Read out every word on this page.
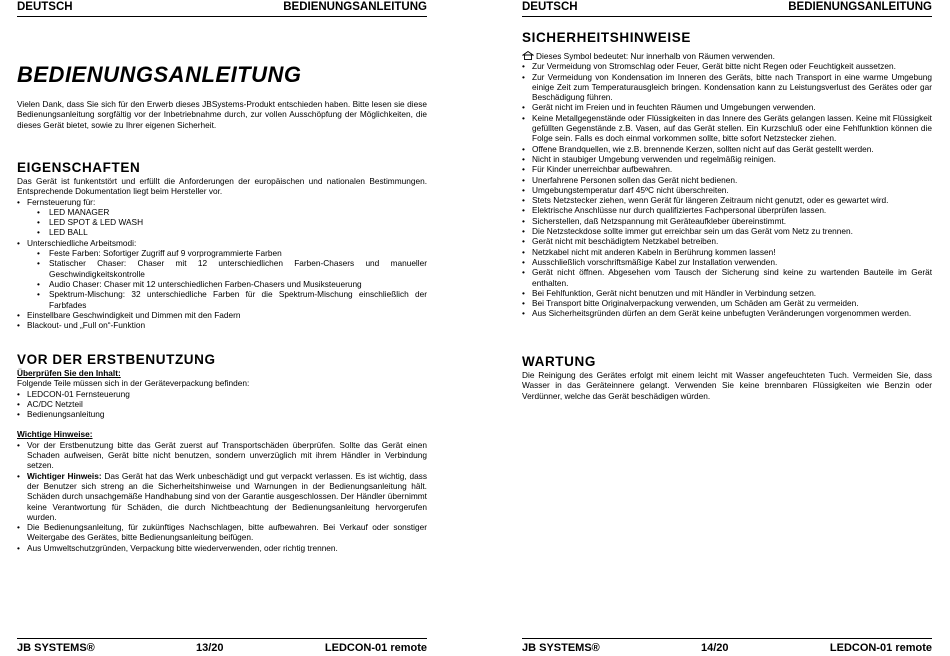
DEUTSCH	BEDIENUNGSANLEITUNG
BEDIENUNGSANLEITUNG

Vielen Dank, dass Sie sich für den Erwerb dieses JBSystems-Produkt entschieden haben. Bitte lesen sie diese Bedienungsanleitung sorgfältig vor der Inbetriebnahme durch, zur vollen Ausschöpfung der Möglichkeiten, die dieses Gerät bietet, sowie zu Ihrer eigenen Sicherheit.

EIGENSCHAFTEN

Das Gerät ist funkentstört und erfüllt die Anforderungen der europäischen und nationalen Bestimmungen. Entsprechende Dokumentation liegt beim Hersteller vor.

• Fernsteuerung für:
• LED MANAGER
• LED SPOT & LED WASH
• LED BALL
• Unterschiedliche Arbeitsmodi:
• Feste Farben: Sofortiger Zugriff auf 9 vorprogrammierte Farben
• Statischer Chaser: Chaser mit 12 unterschiedlichen Farben-Chasers und manueller Geschwindigkeitskontrolle
• Audio Chaser: Chaser mit 12 unterschiedlichen Farben-Chasers und Musiksteuerung
• Spektrum-Mischung: 32 unterschiedliche Farben für die Spektrum-Mischung einschließlich der Farbfades
• Einstellbare Geschwindigkeit und Dimmen mit den Fadern
• Blackout- und „Full on“-Funktion
VOR DER ERSTBENUTZUNG

Überprüfen Sie den Inhalt:

Folgende Teile müssen sich in der Geräteverpackung befinden:

• LEDCON-01 Fernsteuerung
• AC/DC Netzteil
• Bedienungsanleitung

Wichtige Hinweise:

• Vor der Erstbenutzung bitte das Gerät zuerst auf Transportschäden überprüfen. Sollte das Gerät einen Schaden aufweisen, Gerät bitte nicht benutzen, sondern unverzüglich mit ihrem Händler in Verbindung setzen.
• Wichtiger Hinweis: Das Gerät hat das Werk unbeschädigt und gut verpackt verlassen. Es ist wichtig, dass der Benutzer sich streng an die Sicherheitshinweise und Warnungen in der Bedienungsanleitung hält. Schäden durch unsachgemäße Handhabung sind von der Garantie ausgeschlossen. Der Händler übernimmt keine Verantwortung für Schäden, die durch Nichtbeachtung der Bedienungsanleitung hervorgerufen wurden.
• Die Bedienungsanleitung, für zukünftiges Nachschlagen, bitte aufbewahren. Bei Verkauf oder sonstiger Weitergabe des Gerätes, bitte Bedienungsanleitung beifügen.
• Aus Umweltschutzgründen, Verpackung bitte wiederverwenden, oder richtig trennen.
JB SYSTEMS®	13/20	LEDCON-01 remote
DEUTSCH	BEDIENUNGSANLEITUNG
SICHERHEITSHINWEISE

Dieses Symbol bedeutet: Nur innerhalb von Räumen verwenden.

• Zur Vermeidung von Stromschlag oder Feuer, Gerät bitte nicht Regen oder Feuchtigkeit aussetzen.
• Zur Vermeidung von Kondensation im Inneren des Geräts, bitte nach Transport in eine warme Umgebung einige Zeit zum Temperaturausgleich bringen. Kondensation kann zu Leistungsverlust des Gerätes oder gar Beschädigung führen.
• Gerät nicht im Freien und in feuchten Räumen und Umgebungen verwenden.
• Keine Metallgegenstände oder Flüssigkeiten in das Innere des Geräts gelangen lassen. Keine mit Flüssigkeit gefüllten Gegenstände z.B. Vasen, auf das Gerät stellen. Ein Kurzschluß oder eine Fehlfunktion können die Folge sein. Falls es doch einmal vorkommen sollte, bitte sofort Netzstecker ziehen.
• Offene Brandquellen, wie z.B. brennende Kerzen, sollten nicht auf das Gerät gestellt werden.
• Nicht in staubiger Umgebung verwenden und regelmäßig reinigen.
• Für Kinder unerreichbar aufbewahren.
• Unerfahrene Personen sollen das Gerät nicht bedienen.
• Umgebungstemperatur darf 45ºC nicht überschreiten.
• Stets Netzstecker ziehen, wenn Gerät für längeren Zeitraum nicht genutzt, oder es gewartet wird.
• Elektrische Anschlüsse nur durch qualifiziertes Fachpersonal überprüfen lassen.
• Sicherstellen, daß Netzspannung mit Geräteaufkleber übereinstimmt.
• Die Netzsteckdose sollte immer gut erreichbar sein um das Gerät vom Netz zu trennen.
• Gerät nicht mit beschädigtem Netzkabel betreiben.
• Netzkabel nicht mit anderen Kabeln in Berührung kommen lassen!
• Ausschließlich vorschriftsmäßige Kabel zur Installation verwenden.
• Gerät nicht öffnen. Abgesehen vom Tausch der Sicherung sind keine zu wartenden Bauteile im Gerät enthalten.
• Bei Fehlfunktion, Gerät nicht benutzen und mit Händler in Verbindung setzen.
• Bei Transport bitte Originalverpackung verwenden, um Schäden am Gerät zu vermeiden.
• Aus Sicherheitsgründen dürfen an dem Gerät keine unbefugten Veränderungen vorgenommen werden.
WARTUNG

Die Reinigung des Gerätes erfolgt mit einem leicht mit Wasser angefeuchteten Tuch. Vermeiden Sie, dass Wasser in das Geräteinnere gelangt. Verwenden Sie keine brennbaren Flüssigkeiten wie Benzin oder Verdünner, welche das Gerät beschädigen würden.

JB SYSTEMS®	14/20	LEDCON-01 remote
